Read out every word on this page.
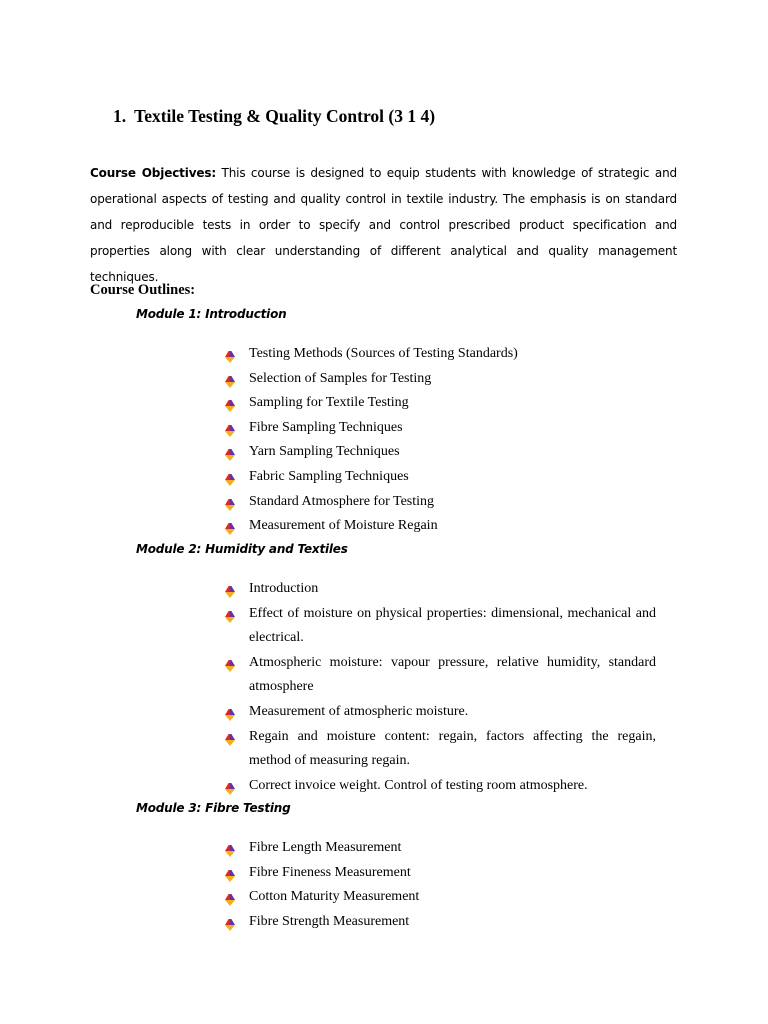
1. Textile Testing & Quality Control (3 1 4)

Course Objectives: This course is designed to equip students with knowledge of strategic and operational aspects of testing and quality control in textile industry. The emphasis is on standard and reproducible tests in order to specify and control prescribed product specification and properties along with clear understanding of different analytical and quality management techniques.

Course Outlines:
Module 1: Introduction
Testing Methods (Sources of Testing Standards)
Selection of Samples for Testing
Sampling for Textile Testing
Fibre Sampling Techniques
Yarn Sampling Techniques
Fabric Sampling Techniques
Standard Atmosphere for Testing
Measurement of Moisture Regain
Module 2: Humidity and Textiles
Introduction
Effect of moisture on physical properties: dimensional, mechanical and electrical.
Atmospheric moisture: vapour pressure, relative humidity, standard atmosphere
Measurement of atmospheric moisture.
Regain and moisture content: regain, factors affecting the regain, method of measuring regain.
Correct invoice weight. Control of testing room atmosphere.
Module 3: Fibre Testing
Fibre Length Measurement
Fibre Fineness Measurement
Cotton Maturity Measurement
Fibre Strength Measurement
